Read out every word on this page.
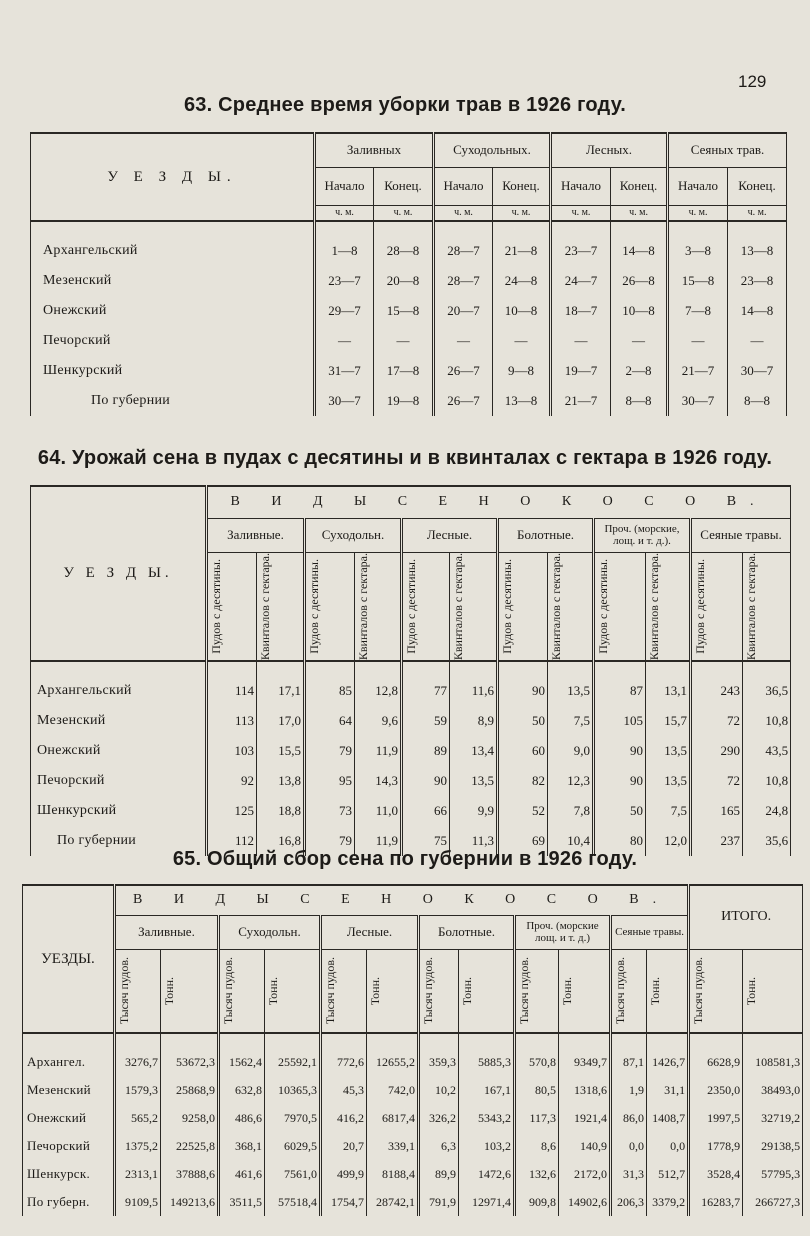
129
63. Среднее время уборки трав в 1926 году.
У Е З Д Ы.	Заливных		Суходольных.		Лесных.		Сеяных трав.	
	Начало	Конец.	Начало	Конец.	Начало	Конец.	Начало	Конец.
	ч. м.	ч. м.	ч. м.	ч. м.	ч. м.	ч. м.	ч. м.	ч. м.

Архангельский	1—8	28—8	28—7	21—8	23—7	14—8	3—8	13—8
Мезенский	23—7	20—8	28—7	24—8	24—7	26—8	15—8	23—8
Онежский	29—7	15—8	20—7	10—8	18—7	10—8	7—8	14—8
Печорский	—	—	—	—	—	—	—	—
Шенкурский	31—7	17—8	26—7	9—8	19—7	2—8	21—7	30—7
По губернии	30—7	19—8	26—7	13—8	21—7	8—8	30—7	8—8
64. Урожай сена в пудах с десятины и в квинталах с гектара в 1926 году.
У Е З Д Ы.	В И Д Ы С Е Н О К О С О В.											
	Заливные.		Суходольн.		Лесные.		Болотные.		Проч. (морские, лощ. и т. д.).		Сеяные травы.	

	Пудов с десятины.	Квинталов с гектара.	Пудов с десятины.	Квинталов с гектара.	Пудов с десятины.	Квинталов с гектара.	Пудов с десятины.	Квинталов с гектара.	Пудов с десятины.	Квинталов с гектара.	Пудов с десятины.	Квинталов с гектара.

Архангельский	114	17,1	85	12,8	77	11,6	90	13,5	87	13,1	243	36,5
Мезенский	113	17,0	64	9,6	59	8,9	50	7,5	105	15,7	72	10,8
Онежский	103	15,5	79	11,9	89	13,4	60	9,0	90	13,5	290	43,5
Печорский	92	13,8	95	14,3	90	13,5	82	12,3	90	13,5	72	10,8
Шенкурский	125	18,8	73	11,0	66	9,9	52	7,8	50	7,5	165	24,8
По губернии	112	16,8	79	11,9	75	11,3	69	10,4	80	12,0	237	35,6
65. Общий сбор сена по губернии в 1926 году.
УЕЗДЫ.	В И Д Ы С Е Н О К О С О В.												ИТОГО.	
	Заливные.		Суходольн.		Лесные.		Болотные.		Проч. (морские лощ. и т. д.)		Сеяные травы.			

	Тысяч пудов.	Тонн.	Тысяч пудов.	Тонн.	Тысяч пудов.	Тонн.	Тысяч пудов.	Тонн.	Тысяч пудов.	Тонн.	Тысяч пудов.	Тонн.	Тысяч пудов.	Тонн.

Архангел.	3276,7	53672,3	1562,4	25592,1	772,6	12655,2	359,3	5885,3	570,8	9349,7	87,1	1426,7	6628,9	108581,3
Мезенский	1579,3	25868,9	632,8	10365,3	45,3	742,0	10,2	167,1	80,5	1318,6	1,9	31,1	2350,0	38493,0
Онежский	565,2	9258,0	486,6	7970,5	416,2	6817,4	326,2	5343,2	117,3	1921,4	86,0	1408,7	1997,5	32719,2
Печорский	1375,2	22525,8	368,1	6029,5	20,7	339,1	6,3	103,2	8,6	140,9	0,0	0,0	1778,9	29138,5
Шенкурск.	2313,1	37888,6	461,6	7561,0	499,9	8188,4	89,9	1472,6	132,6	2172,0	31,3	512,7	3528,4	57795,3
По губерн.	9109,5	149213,6	3511,5	57518,4	1754,7	28742,1	791,9	12971,4	909,8	14902,6	206,3	3379,2	16283,7	266727,3
